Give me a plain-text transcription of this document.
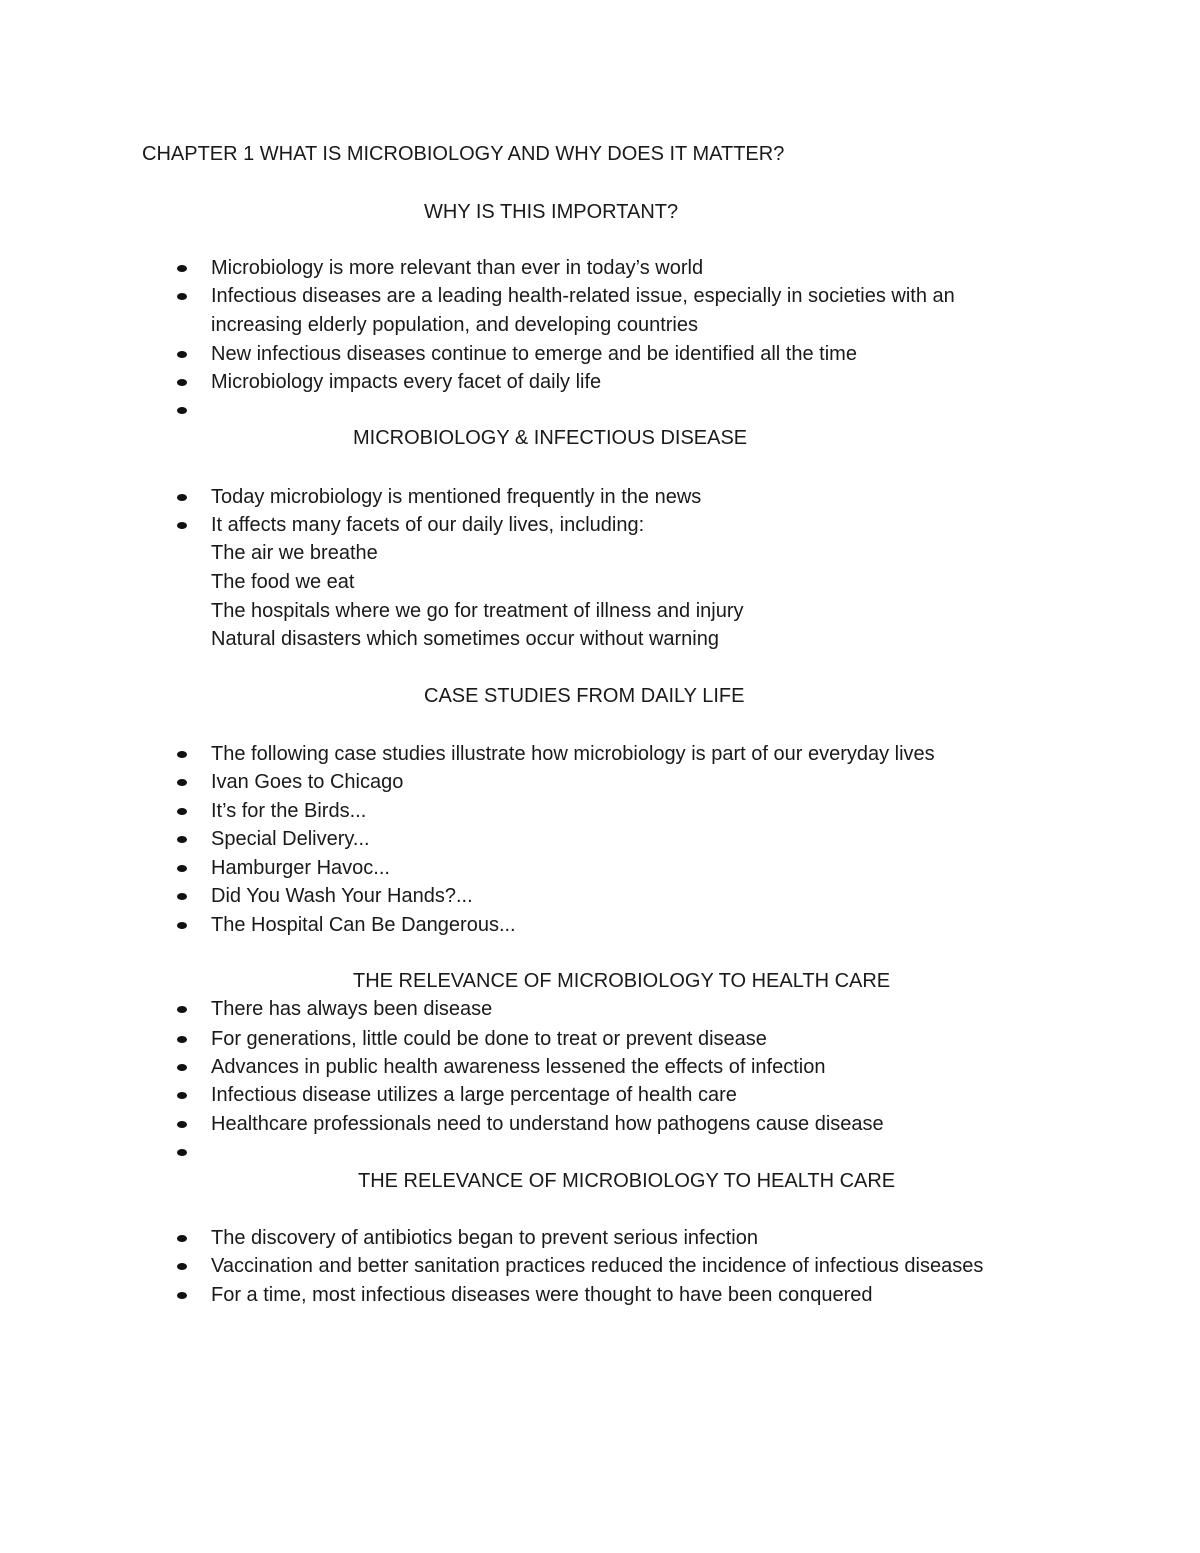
CHAPTER 1 WHAT IS MICROBIOLOGY AND WHY DOES IT MATTER?
WHY IS THIS IMPORTANT?
Microbiology is more relevant than ever in today’s world
Infectious diseases are a leading health-related issue, especially in societies with an
increasing elderly population, and developing countries
New infectious diseases continue to emerge and be identified all the time
Microbiology impacts every facet of daily life
MICROBIOLOGY & INFECTIOUS DISEASE
Today microbiology is mentioned frequently in the news
It affects many facets of our daily lives, including:
The air we breathe
The food we eat
The hospitals where we go for treatment of illness and injury
Natural disasters which sometimes occur without warning
CASE STUDIES FROM DAILY LIFE
The following case studies illustrate how microbiology is part of our everyday lives
Ivan Goes to Chicago
It’s for the Birds...
Special Delivery...
Hamburger Havoc...
Did You Wash Your Hands?...
The Hospital Can Be Dangerous...
THE RELEVANCE OF MICROBIOLOGY TO HEALTH CARE
There has always been disease
For generations, little could be done to treat or prevent disease
Advances in public health awareness lessened the effects of infection
Infectious disease utilizes a large percentage of health care
Healthcare professionals need to understand how pathogens cause disease
THE RELEVANCE OF MICROBIOLOGY TO HEALTH CARE
The discovery of antibiotics began to prevent serious infection
Vaccination and better sanitation practices reduced the incidence of infectious diseases
For a time, most infectious diseases were thought to have been conquered
